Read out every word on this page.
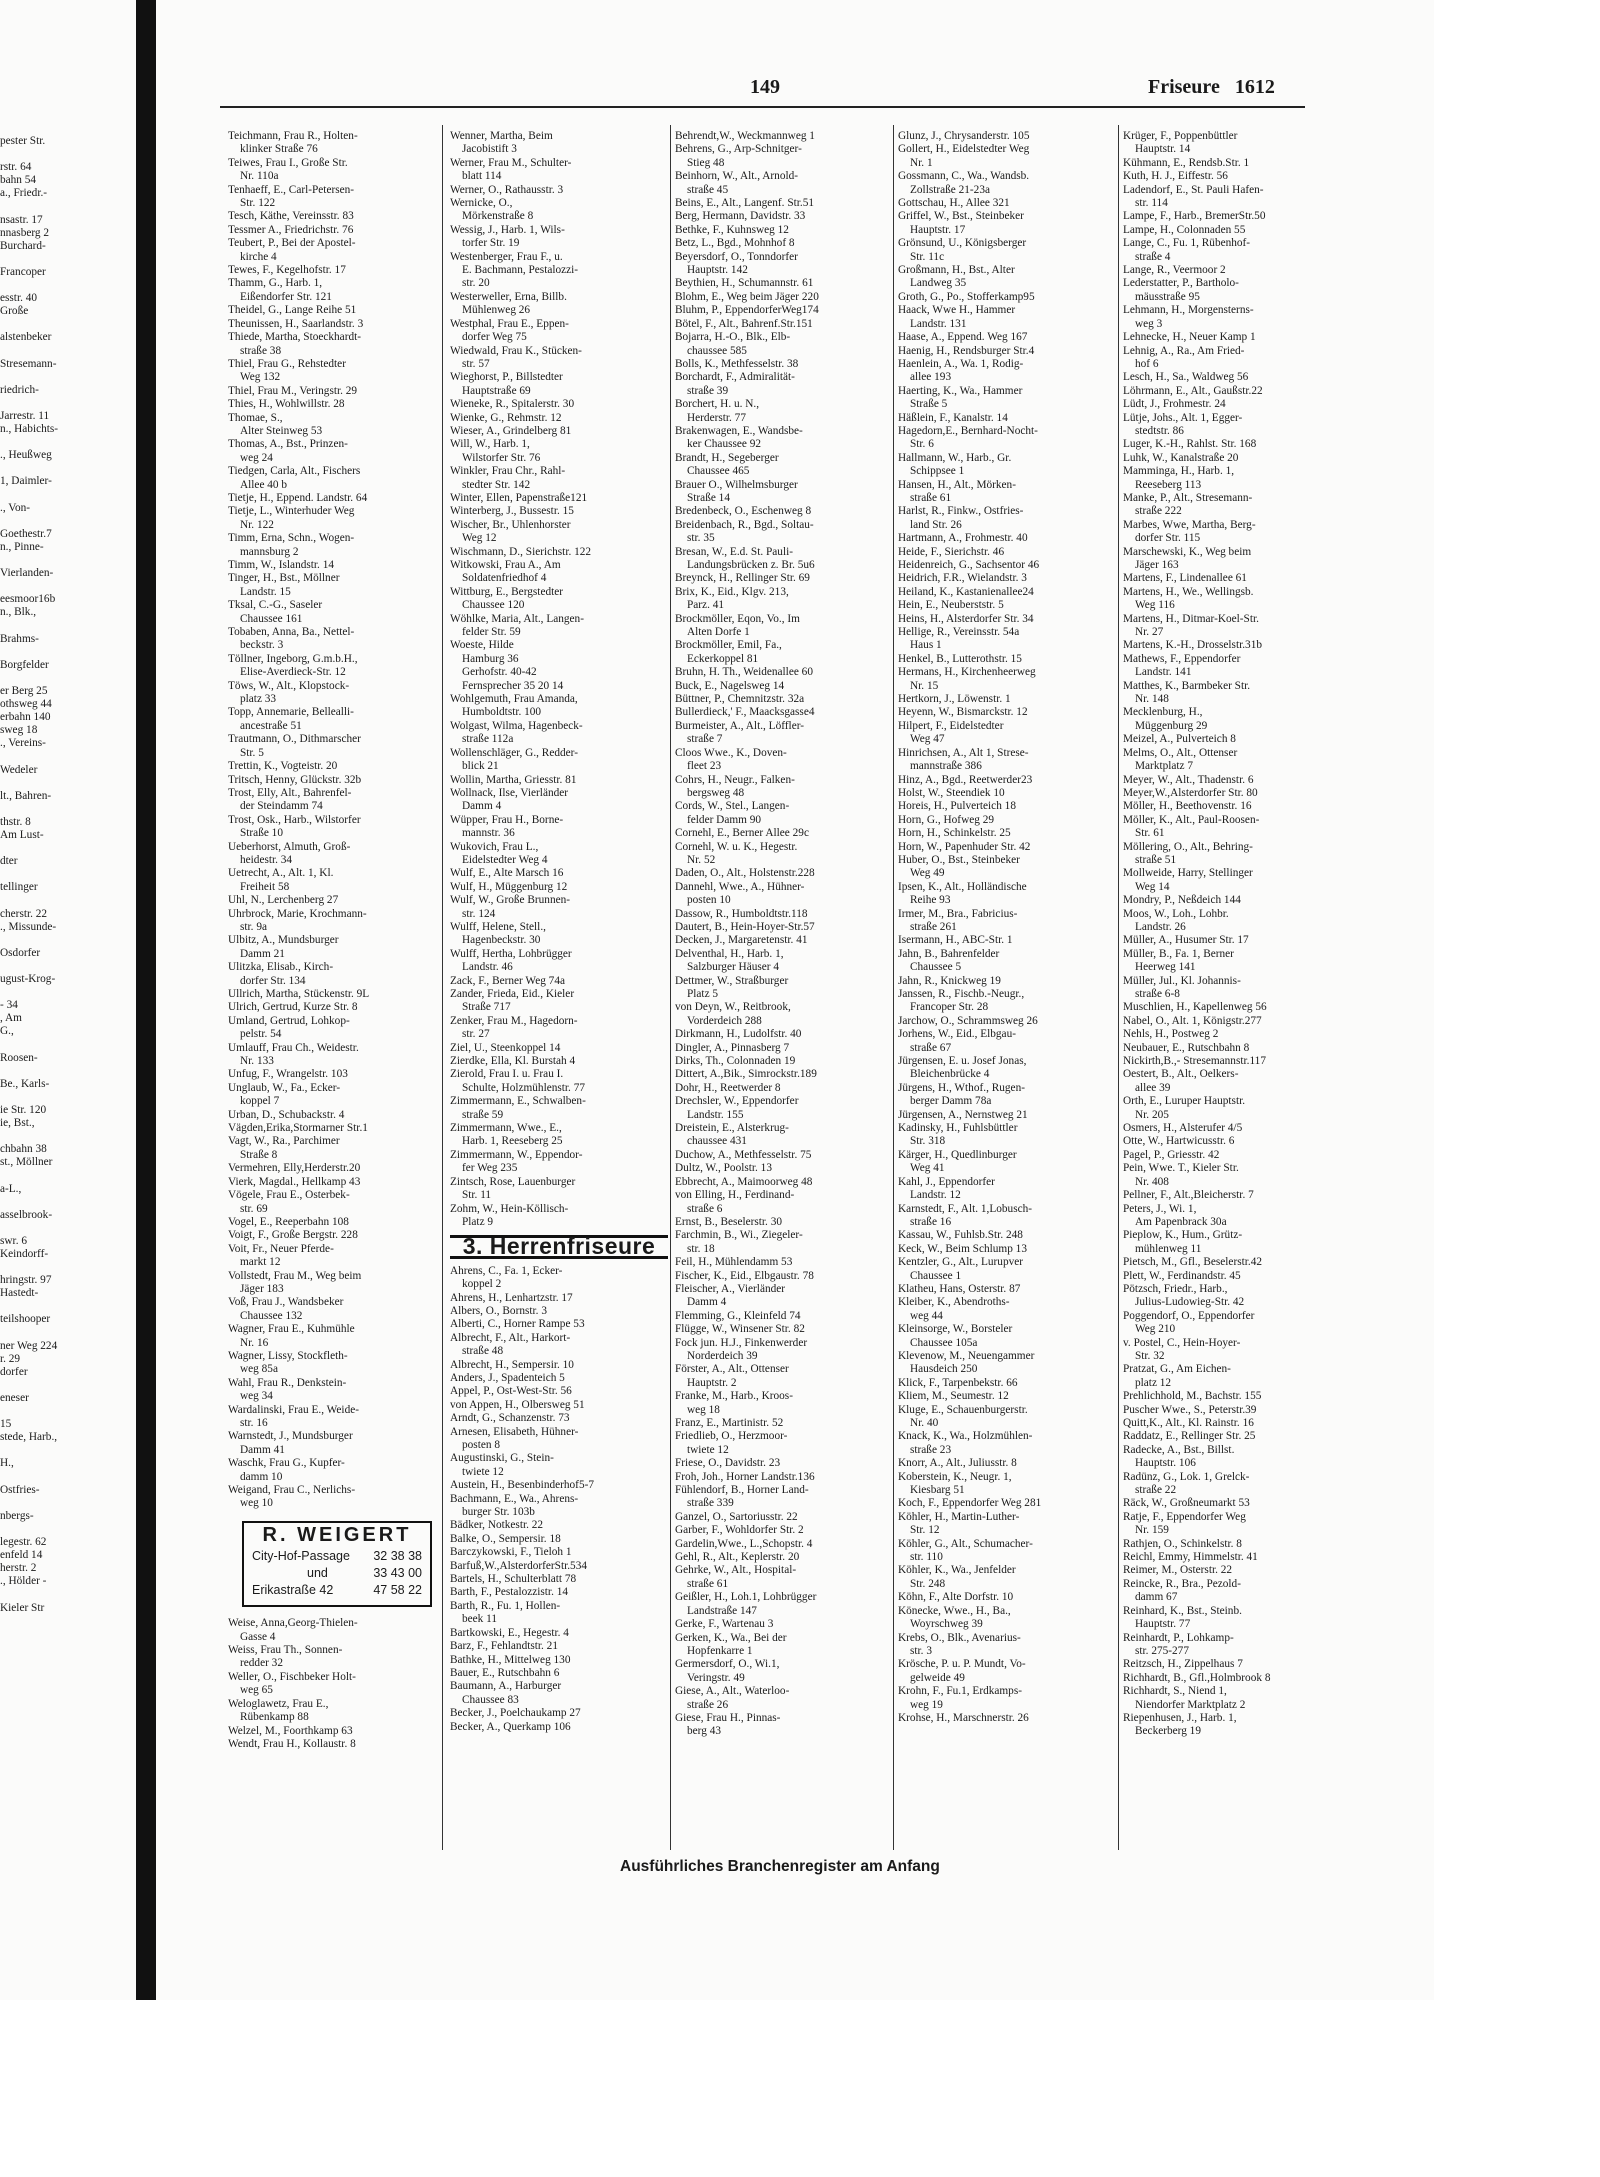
149	Friseure 1612
pester Str.

rstr. 64
bahn 54
a., Friedr.-

nsastr. 17
nnasberg 2
Burchard-

Francoper

esstr. 40
Große

alstenbeker

Stresemann-

riedrich-

Jarrestr. 11
n., Habichts-

., Heußweg

1, Daimler-

., Von-

Goethestr.7
n., Pinne-

Vierlanden-

eesmoor16b
n., Blk.,

Brahms-

Borgfelder

er Berg 25
othsweg 44
erbahn 140
sweg 18
., Vereins-

Wedeler

lt., Bahren-

thstr. 8
Am Lust-

dter

tellinger

cherstr. 22
., Missunde-

Osdorfer

ugust-Krog-

- 34
, Am
G.,

Roosen-

Be., Karls-

ie Str. 120
ie, Bst.,

chbahn 38
st., Möllner

a-L.,

asselbrook-

swr. 6
Keindorff-

hringstr. 97
Hastedt-

teilshooper

ner Weg 224
r. 29
dorfer

eneser

15
stede, Harb.,

H.,

Ostfries-

nbergs-

legestr. 62
enfeld 14
herstr. 2
., Hölder -

Kieler Str
Teichmann, Frau R., Holten-
klinker Straße 76
Teiwes, Frau I., Große Str.
Nr. 110a
Tenhaeff, E., Carl-Petersen-
Str. 122
Tesch, Käthe, Vereinsstr. 83
Tessmer A., Friedrichstr. 76
Teubert, P., Bei der Apostel-
kirche 4
Tewes, F., Kegelhofstr. 17
Thamm, G., Harb. 1,
Eißendorfer Str. 121
Theidel, G., Lange Reihe 51
Theunissen, H., Saarlandstr. 3
Thiede, Martha, Stoeckhardt-
straße 38
Thiel, Frau G., Rehstedter
Weg 132
Thiel, Frau M., Veringstr. 29
Thies, H., Wohlwillstr. 28
Thomae, S.,
Alter Steinweg 53
Thomas, A., Bst., Prinzen-
weg 24
Tiedgen, Carla, Alt., Fischers
Allee 40 b
Tietje, H., Eppend. Landstr. 64
Tietje, L., Winterhuder Weg
Nr. 122
Timm, Erna, Schn., Wogen-
mannsburg 2
Timm, W., Islandstr. 14
Tinger, H., Bst., Möllner
Landstr. 15
Tksal, C.-G., Saseler
Chaussee 161
Tobaben, Anna, Ba., Nettel-
beckstr. 3
Töllner, Ingeborg, G.m.b.H.,
Elise-Averdieck-Str. 12
Töws, W., Alt., Klopstock-
platz 33
Topp, Annemarie, Bellealli-
ancestraße 51
Trautmann, O., Dithmarscher
Str. 5
Trettin, K., Vogteistr. 20
Tritsch, Henny, Glückstr. 32b
Trost, Elly, Alt., Bahrenfel-
der Steindamm 74
Trost, Osk., Harb., Wilstorfer
Straße 10
Ueberhorst, Almuth, Groß-
heidestr. 34
Uetrecht, A., Alt. 1, Kl.
Freiheit 58
Uhl, N., Lerchenberg 27
Uhrbrock, Marie, Krochmann-
str. 9a
Ulbitz, A., Mundsburger
Damm 21
Ulitzka, Elisab., Kirch-
dorfer Str. 134
Ullrich, Martha, Stückenstr. 9L
Ulrich, Gertrud, Kurze Str. 8
Umland, Gertrud, Lohkop-
pelstr. 54
Umlauff, Frau Ch., Weidestr.
Nr. 133
Unfug, F., Wrangelstr. 103
Unglaub, W., Fa., Ecker-
koppel 7
Urban, D., Schubackstr. 4
Vägden,Erika,Stormarner Str.1
Vagt, W., Ra., Parchimer
Straße 8
Vermehren, Elly,Herderstr.20
Vierk, Magdal., Hellkamp 43
Vögele, Frau E., Osterbek-
str. 69
Vogel, E., Reeperbahn 108
Voigt, F., Große Bergstr. 228
Voit, Fr., Neuer Pferde-
markt 12
Vollstedt, Frau M., Weg beim
Jäger 183
Voß, Frau J., Wandsbeker
Chaussee 132
Wagner, Frau E., Kuhmühle
Nr. 16
Wagner, Lissy, Stockfleth-
weg 85a
Wahl, Frau R., Denkstein-
weg 34
Wardalinski, Frau E., Weide-
str. 16
Warnstedt, J., Mundsburger
Damm 41
Waschk, Frau G., Kupfer-
damm 10
Weigand, Frau C., Nerlichs-
weg 10
R. WEIGERT
City-Hof-Passage 32 38 38
und	33 43 00
Erikastraße 42	47 58 22
Weise, Anna,Georg-Thielen-
Gasse 4
Weiss, Frau Th., Sonnen-
redder 32
Weller, O., Fischbeker Holt-
weg 65
Weloglawetz, Frau E.,
Rübenkamp 88
Welzel, M., Foorthkamp 63
Wendt, Frau H., Kollaustr. 8
Wenner, Martha, Beim
Jacobistift 3
Werner, Frau M., Schulter-
blatt 114
Werner, O., Rathausstr. 3
Wernicke, O.,
Mörkenstraße 8
Wessig, J., Harb. 1, Wils-
torfer Str. 19
Westenberger, Frau F., u.
E. Bachmann, Pestalozzi-
str. 20
Westerweller, Erna, Billb.
Mühlenweg 26
Westphal, Frau E., Eppen-
dorfer Weg 75
Wiedwald, Frau K., Stücken-
str. 57
Wieghorst, P., Billstedter
Hauptstraße 69
Wieneke, R., Spitalerstr. 30
Wienke, G., Rehmstr. 12
Wieser, A., Grindelberg 81
Will, W., Harb. 1,
Wilstorfer Str. 76
Winkler, Frau Chr., Rahl-
stedter Str. 142
Winter, Ellen, Papenstraße121
Winterberg, J., Bussestr. 15
Wischer, Br., Uhlenhorster
Weg 12
Wischmann, D., Sierichstr. 122
Witkowski, Frau A., Am
Soldatenfriedhof 4
Wittburg, E., Bergstedter
Chaussee 120
Wöhlke, Maria, Alt., Langen-
felder Str. 59
Woeste, Hilde
Hamburg 36
Gerhofstr. 40-42
Fernsprecher 35 20 14
Wohlgemuth, Frau Amanda,
Humboldtstr. 100
Wolgast, Wilma, Hagenbeck-
straße 112a
Wollenschläger, G., Redder-
blick 21
Wollin, Martha, Griesstr. 81
Wollnack, Ilse, Vierländer
Damm 4
Wüpper, Frau H., Borne-
mannstr. 36
Wukovich, Frau L.,
Eidelstedter Weg 4
Wulf, E., Alte Marsch 16
Wulf, H., Müggenburg 12
Wulf, W., Große Brunnen-
str. 124
Wulff, Helene, Stell.,
Hagenbeckstr. 30
Wulff, Hertha, Lohbrügger
Landstr. 46
Zack, F., Berner Weg 74a
Zander, Frieda, Eid., Kieler
Straße 717
Zenker, Frau M., Hagedorn-
str. 27
Ziel, U., Steenkoppel 14
Zierdke, Ella, Kl. Burstah 4
Zierold, Frau I. u. Frau I.
Schulte, Holzmühlenstr. 77
Zimmermann, E., Schwalben-
straße 59
Zimmermann, Wwe., E.,
Harb. 1, Reeseberg 25
Zimmermann, W., Eppendor-
fer Weg 235
Zintsch, Rose, Lauenburger
Str. 11
Zohm, W., Hein-Köllisch-
Platz 9
3. Herrenfriseure
Ahrens, C., Fa. 1, Ecker-
koppel 2
Ahrens, H., Lenhartzstr. 17
Albers, O., Bornstr. 3
Alberti, C., Horner Rampe 53
Albrecht, F., Alt., Harkort-
straße 48
Albrecht, H., Sempersir. 10
Anders, J., Spadenteich 5
Appel, P., Ost-West-Str. 56
von Appen, H., Olbersweg 51
Arndt, G., Schanzenstr. 73
Arnesen, Elisabeth, Hühner-
posten 8
Augustinski, G., Stein-
twiete 12
Austein, H., Besenbinderhof5-7
Bachmann, E., Wa., Ahrens-
burger Str. 103b
Bädker, Notkestr. 22
Balke, O., Sempersir. 18
Barczykowski, F., Tieloh 1
Barfuß,W.,AlsterdorferStr.534
Bartels, H., Schulterblatt 78
Barth, F., Pestalozzistr. 14
Barth, R., Fu. 1, Hollen-
beek 11
Bartkowski, E., Hegestr. 4
Barz, F., Fehlandtstr. 21
Bathke, H., Mittelweg 130
Bauer, E., Rutschbahn 6
Baumann, A., Harburger
Chaussee 83
Becker, J., Poelchaukamp 27
Becker, A., Querkamp 106
Behrendt,W., Weckmannweg 1
Behrens, G., Arp-Schnitger-
Stieg 48
Beinhorn, W., Alt., Arnold-
straße 45
Beins, E., Alt., Langenf. Str.51
Berg, Hermann, Davidstr. 33
Bethke, F., Kuhnsweg 12
Betz, L., Bgd., Mohnhof 8
Beyersdorf, O., Tonndorfer
Hauptstr. 142
Beythien, H., Schumannstr. 61
Blohm, E., Weg beim Jäger 220
Bluhm, P., EppendorferWeg174
Bötel, F., Alt., Bahrenf.Str.151
Bojarra, H.-O., Blk., Elb-
chaussee 585
Bolls, K., Methfesselstr. 38
Borchardt, F., Admiralität-
straße 39
Borchert, H. u. N.,
Herderstr. 77
Brakenwagen, E., Wandsbe-
ker Chaussee 92
Brandt, H., Segeberger
Chaussee 465
Brauer O., Wilhelmsburger
Straße 14
Bredenbeck, O., Eschenweg 8
Breidenbach, R., Bgd., Soltau-
str. 35
Bresan, W., E.d. St. Pauli-
Landungsbrücken z. Br. 5u6
Breynck, H., Rellinger Str. 69
Brix, K., Eid., Klgv. 213,
Parz. 41
Brockmöller, Eqon, Vo., Im
Alten Dorfe 1
Brockmöller, Emil, Fa.,
Eckerkoppel 81
Bruhn, H. Th., Weidenallee 60
Buck, E., Nagelsweg 14
Büttner, P., Chemnitzstr. 32a
Bullerdieck,' F., Maacksgasse4
Burmeister, A., Alt., Löffler-
straße 7
Cloos Wwe., K., Doven-
fleet 23
Cohrs, H., Neugr., Falken-
bergsweg 48
Cords, W., Stel., Langen-
felder Damm 90
Cornehl, E., Berner Allee 29c
Cornehl, W. u. K., Hegestr.
Nr. 52
Daden, O., Alt., Holstenstr.228
Dannehl, Wwe., A., Hühner-
posten 10
Dassow, R., Humboldtstr.118
Dautert, B., Hein-Hoyer-Str.57
Decken, J., Margaretenstr. 41
Delventhal, H., Harb. 1,
Salzburger Häuser 4
Dettmer, W., Straßburger
Platz 5
von Deyn, W., Reitbrook,
Vorderdeich 288
Dirkmann, H., Ludolfstr. 40
Dingler, A., Pinnasberg 7
Dirks, Th., Colonnaden 19
Dittert, A.,Bik., Simrockstr.189
Dohr, H., Reetwerder 8
Drechsler, W., Eppendorfer
Landstr. 155
Dreistein, E., Alsterkrug-
chaussee 431
Duchow, A., Methfesselstr. 75
Dultz, W., Poolstr. 13
Ebbrecht, A., Maimoorweg 48
von Elling, H., Ferdinand-
straße 6
Ernst, B., Beselerstr. 30
Farchmin, B., Wi., Ziegeler-
str. 18
Feil, H., Mühlendamm 53
Fischer, K., Eid., Elbgaustr. 78
Fleischer, A., Vierländer
Damm 4
Flemming, G., Kleinfeld 74
Flügge, W., Winsener Str. 82
Fock jun. H.J., Finkenwerder
Norderdeich 39
Förster, A., Alt., Ottenser
Hauptstr. 2
Franke, M., Harb., Kroos-
weg 18
Franz, E., Martinistr. 52
Friedlieb, O., Herzmoor-
twiete 12
Friese, O., Davidstr. 23
Froh, Joh., Horner Landstr.136
Fühlendorf, B., Horner Land-
straße 339
Ganzel, O., Sartoriusstr. 22
Garber, F., Wohldorfer Str. 2
Gardelin,Wwe., L.,Schopstr. 4
Gehl, R., Alt., Keplerstr. 20
Gehrke, W., Alt., Hospital-
straße 61
Geißler, H., Loh.1, Lohbrügger
Landstraße 147
Gerke, F., Wartenau 3
Gerken, K., Wa., Bei der
Hopfenkarre 1
Germersdorf, O., Wi.1,
Veringstr. 49
Giese, A., Alt., Waterloo-
straße 26
Giese, Frau H., Pinnas-
berg 43
Glunz, J., Chrysanderstr. 105
Gollert, H., Eidelstedter Weg
Nr. 1
Gossmann, C., Wa., Wandsb.
Zollstraße 21-23a
Gottschau, H., Allee 321
Griffel, W., Bst., Steinbeker
Hauptstr. 17
Grönsund, U., Königsberger
Str. 11c
Großmann, H., Bst., Alter
Landweg 35
Groth, G., Po., Stofferkamp95
Haack, Wwe H., Hammer
Landstr. 131
Haase, A., Eppend. Weg 167
Haenig, H., Rendsburger Str.4
Haenlein, A., Wa. 1, Rodig-
allee 193
Haerting, K., Wa., Hammer
Straße 5
Häßlein, F., Kanalstr. 14
Hagedorn,E., Bernhard-Nocht-
Str. 6
Hallmann, W., Harb., Gr.
Schippsee 1
Hansen, H., Alt., Mörken-
straße 61
Harlst, R., Finkw., Ostfries-
land Str. 26
Hartmann, A., Frohmestr. 40
Heide, F., Sierichstr. 46
Heidenreich, G., Sachsentor 46
Heidrich, F.R., Wielandstr. 3
Heiland, K., Kastanienallee24
Hein, E., Neuberststr. 5
Heins, H., Alsterdorfer Str. 34
Hellige, R., Vereinsstr. 54a
Haus 1
Henkel, B., Lutterothstr. 15
Hermans, H., Kirchenheerweg
Nr. 15
Hertkorn, J., Löwenstr. 1
Heyenn, W., Bismarckstr. 12
Hilpert, F., Eidelstedter
Weg 47
Hinrichsen, A., Alt 1, Strese-
mannstraße 386
Hinz, A., Bgd., Reetwerder23
Holst, W., Steendiek 10
Horeis, H., Pulverteich 18
Horn, G., Hofweg 29
Horn, H., Schinkelstr. 25
Horn, W., Papenhuder Str. 42
Huber, O., Bst., Steinbeker
Weg 49
Ipsen, K., Alt., Holländische
Reihe 93
Irmer, M., Bra., Fabricius-
straße 261
Isermann, H., ABC-Str. 1
Jahn, B., Bahrenfelder
Chaussee 5
Jahn, R., Knickweg 19
Janssen, R., Fischb.-Neugr.,
Francoper Str. 28
Jarchow, O., Schrammsweg 26
Jorhens, W., Eid., Elbgau-
straße 67
Jürgensen, E. u. Josef Jonas,
Bleichenbrücke 4
Jürgens, H., Wthof., Rugen-
berger Damm 78a
Jürgensen, A., Nernstweg 21
Kadinsky, H., Fuhlsbüttler
Str. 318
Kärger, H., Quedlinburger
Weg 41
Kahl, J., Eppendorfer
Landstr. 12
Karnstedt, F., Alt. 1,Lobusch-
straße 16
Kassau, W., Fuhlsb.Str. 248
Keck, W., Beim Schlump 13
Kentzler, G., Alt., Lurupver
Chaussee 1
Klatheu, Hans, Osterstr. 87
Kleiber, K., Abendroths-
weg 44
Kleinsorge, W., Borsteler
Chaussee 105a
Klevenow, M., Neuengammer
Hausdeich 250
Klick, F., Tarpenbekstr. 66
Kliem, M., Seumestr. 12
Kluge, E., Schauenburgerstr.
Nr. 40
Knack, K., Wa., Holzmühlen-
straße 23
Knorr, A., Alt., Juliusstr. 8
Koberstein, K., Neugr. 1,
Kiesbarg 51
Koch, F., Eppendorfer Weg 281
Köhler, H., Martin-Luther-
Str. 12
Köhler, G., Alt., Schumacher-
str. 110
Köhler, K., Wa., Jenfelder
Str. 248
Köhn, F., Alte Dorfstr. 10
Könecke, Wwe., H., Ba.,
Woyrschweg 39
Krebs, O., Blk., Avenarius-
str. 3
Krösche, P. u. P. Mundt, Vo-
gelweide 49
Krohn, F., Fu.1, Erdkamps-
weg 19
Krohse, H., Marschnerstr. 26
Krüger, F., Poppenbüttler
Hauptstr. 14
Kühmann, E., Rendsb.Str. 1
Kuth, H. J., Eiffestr. 56
Ladendorf, E., St. Pauli Hafen-
str. 114
Lampe, F., Harb., BremerStr.50
Lampe, H., Colonnaden 55
Lange, C., Fu. 1, Rübenhof-
straße 4
Lange, R., Veermoor 2
Lederstatter, P., Bartholo-
mäusstraße 95
Lehmann, H., Morgensterns-
weg 3
Lehnecke, H., Neuer Kamp 1
Lehnig, A., Ra., Am Fried-
hof 6
Lesch, H., Sa., Waldweg 56
Löhrmann, E., Alt., Gaußstr.22
Lüdt, J., Frohmestr. 24
Lütje, Johs., Alt. 1, Egger-
stedtstr. 86
Luger, K.-H., Rahlst. Str. 168
Luhk, W., Kanalstraße 20
Mamminga, H., Harb. 1,
Reeseberg 113
Manke, P., Alt., Stresemann-
straße 222
Marbes, Wwe, Martha, Berg-
dorfer Str. 115
Marschewski, K., Weg beim
Jäger 163
Martens, F., Lindenallee 61
Martens, H., We., Wellingsb.
Weg 116
Martens, H., Ditmar-Koel-Str.
Nr. 27
Martens, K.-H., Drosselstr.31b
Mathews, F., Eppendorfer
Landstr. 141
Matthes, K., Barmbeker Str.
Nr. 148
Mecklenburg, H.,
Müggenburg 29
Meizel, A., Pulverteich 8
Melms, O., Alt., Ottenser
Marktplatz 7
Meyer, W., Alt., Thadenstr. 6
Meyer,W.,Alsterdorfer Str. 80
Möller, H., Beethovenstr. 16
Möller, K., Alt., Paul-Roosen-
Str. 61
Möllering, O., Alt., Behring-
straße 51
Mollweide, Harry, Stellinger
Weg 14
Mondry, P., Neßdeich 144
Moos, W., Loh., Lohbr.
Landstr. 26
Müller, A., Husumer Str. 17
Müller, B., Fa. 1, Berner
Heerweg 141
Müller, Jul., Kl. Johannis-
straße 6-8
Muschlien, H., Kapellenweg 56
Nabel, O., Alt. 1, Königstr.277
Nehls, H., Postweg 2
Neubauer, E., Rutschbahn 8
Nickirth,B.,- Stresemannstr.117
Oestert, B., Alt., Oelkers-
allee 39
Orth, E., Luruper Hauptstr.
Nr. 205
Osmers, H., Alsterufer 4/5
Otte, W., Hartwicusstr. 6
Pagel, P., Griesstr. 42
Pein, Wwe. T., Kieler Str.
Nr. 408
Pellner, F., Alt.,Bleicherstr. 7
Peters, J., Wi. 1,
Am Papenbrack 30a
Pieplow, K., Hum., Grütz-
mühlenweg 11
Pietsch, M., Gfl., Beselerstr.42
Plett, W., Ferdinandstr. 45
Pötzsch, Friedr., Harb.,
Julius-Ludowieg-Str. 42
Poggendorf, O., Eppendorfer
Weg 210
v. Postel, C., Hein-Hoyer-
Str. 32
Pratzat, G., Am Eichen-
platz 12
Prehlichhold, M., Bachstr. 155
Puscher Wwe., S., Peterstr.39
Quitt,K., Alt., Kl. Rainstr. 16
Raddatz, E., Rellinger Str. 25
Radecke, A., Bst., Billst.
Hauptstr. 106
Radünz, G., Lok. 1, Grelck-
straße 22
Räck, W., Großneumarkt 53
Ratje, F., Eppendorfer Weg
Nr. 159
Rathjen, O., Schinkelstr. 8
Reichl, Emmy, Himmelstr. 41
Reimer, M., Osterstr. 22
Reincke, R., Bra., Pezold-
damm 67
Reinhard, K., Bst., Steinb.
Hauptstr. 77
Reinhardt, P., Lohkamp-
str. 275-277
Reitzsch, H., Zippelhaus 7
Richhardt, B., Gfl.,Holmbrook 8
Richhardt, S., Niend 1,
Niendorfer Marktplatz 2
Riepenhusen, J., Harb. 1,
Beckerberg 19
Ausführliches Branchenregister am Anfang
